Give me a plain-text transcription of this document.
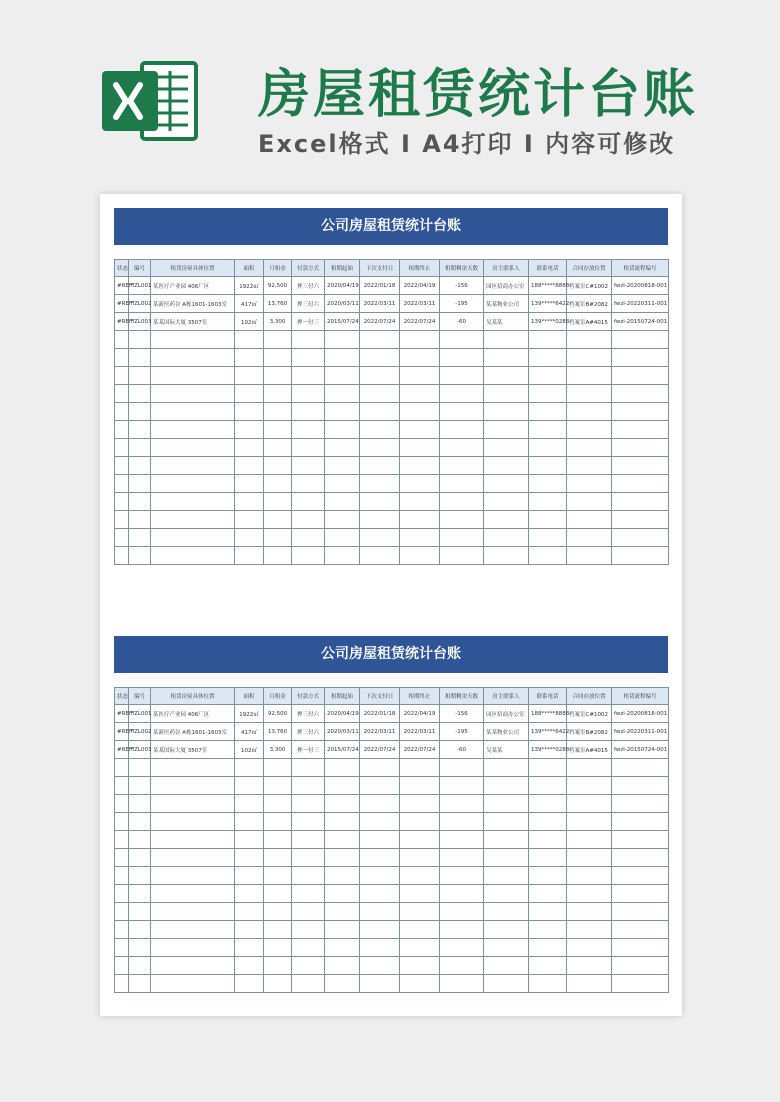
房屋租赁统计台账
Excel格式 I A4打印 I 内容可修改
公司房屋租赁统计台账
状态	编号	租赁房屋具体位置	面积	月租金	付款方式	租期起始	下次支付日	租期终止	租期剩余天数	房主联系人	联系电话	合同存放位置	租赁流程编号
#REF!	FZL001	某医疗产业园 406厂区	1922㎡	92,500	押三付六	2020/04/19	2022/01/18	2022/04/19	-156	园区招商办公室	188*****8888	档案室C#1002	fwzl-20200818-001
#REF!	FZL002	某新医药谷 A栋1601-1603室	417㎡	13,760	押三付六	2020/03/11	2022/03/11	2022/03/11	-195	某某物业公司	139*****6422	档案室B#2082	fwzl-20220311-001
#REF!	FZL003	某某国际大厦 3507室	102㎡	3,300	押一付三	2015/07/24	2022/07/24	2022/07/24	-60	吴某某	139*****0288	档案室A#4015	fwzl-20150724-001

公司房屋租赁统计台账
状态	编号	租赁房屋具体位置	面积	月租金	付款方式	租期起始	下次支付日	租期终止	租期剩余天数	房主联系人	联系电话	合同存放位置	租赁流程编号
#REF!	FZL001	某医疗产业园 406厂区	1922㎡	92,500	押三付六	2020/04/19	2022/01/18	2022/04/19	-156	园区招商办公室	188*****8888	档案室C#1002	fwzl-20200818-001
#REF!	FZL002	某新医药谷 A栋1601-1603室	417㎡	13,760	押三付六	2020/03/11	2022/03/11	2022/03/11	-195	某某物业公司	139*****6422	档案室B#2082	fwzl-20220311-001
#REF!	FZL003	某某国际大厦 3507室	102㎡	3,300	押一付三	2015/07/24	2022/07/24	2022/07/24	-60	吴某某	139*****0288	档案室A#4015	fwzl-20150724-001
